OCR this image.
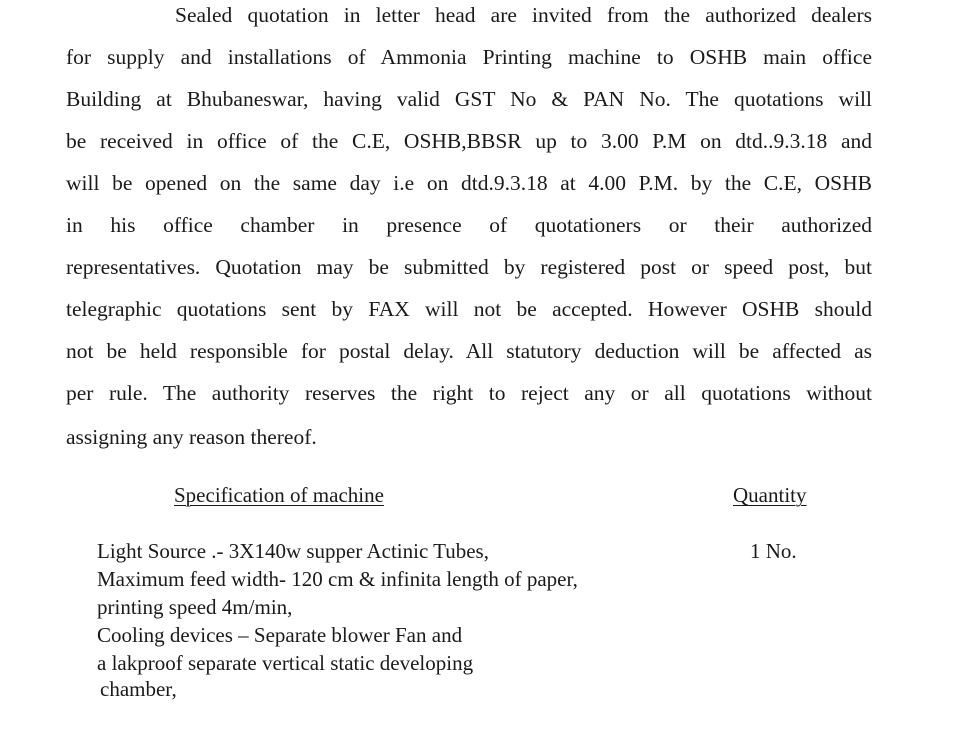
Sealed quotation in letter head are invited from the authorized dealers
for supply and installations of Ammonia Printing machine to OSHB main office
Building at Bhubaneswar, having valid GST No & PAN No. The quotations will
be received in office of the C.E, OSHB,BBSR up to 3.00 P.M on dtd..9.3.18 and
will be opened on the same day i.e on dtd.9.3.18 at 4.00 P.M. by the C.E, OSHB
in his office chamber in presence of quotationers or their authorized
representatives. Quotation may be submitted by registered post or speed post, but
telegraphic quotations sent by FAX will not be accepted. However OSHB should
not be held responsible for postal delay. All statutory deduction will be affected as
per rule. The authority reserves the right to reject any or all quotations without
assigning any reason thereof.
Specification of machine	Quantity
Light Source .- 3X140w supper Actinic Tubes,
Maximum feed width- 120 cm & infinita length of paper,
printing speed 4m/min,
Cooling devices – Separate blower Fan and
a lakproof separate vertical static developing
chamber,
1 No.
